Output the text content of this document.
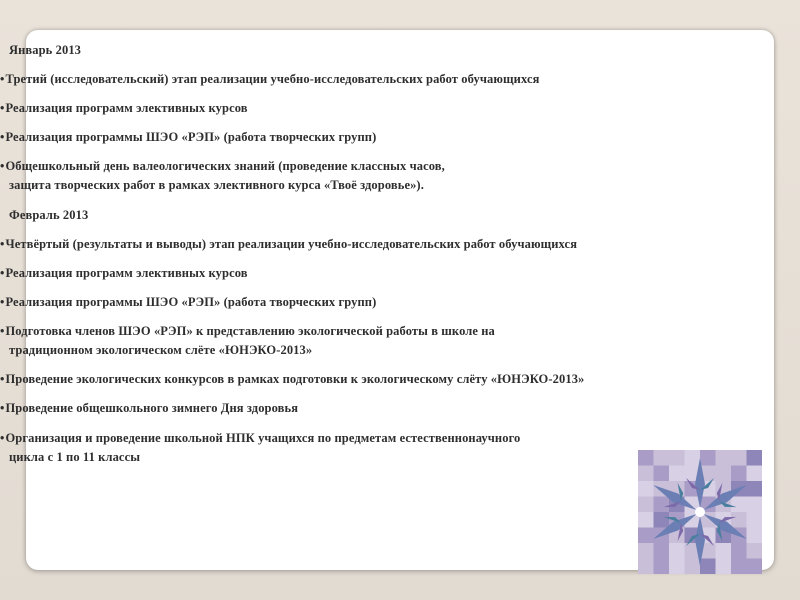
Январь 2013
• Третий (исследовательский) этап реализации учебно-исследовательских работ обучающихся
• Реализация программ элективных курсов
• Реализация программы ШЭО «РЭП» (работа творческих групп)
• Общешкольный день валеологических знаний (проведение классных часов,
защита творческих работ в рамках элективного курса «Твоё здоровье»).
Февраль 2013
• Четвёртый (результаты и выводы) этап реализации учебно-исследовательских работ обучающихся
• Реализация программ элективных курсов
• Реализация программы ШЭО «РЭП» (работа творческих групп)
• Подготовка членов ШЭО «РЭП» к представлению экологической работы в школе на
традиционном экологическом слёте «ЮНЭКО-2013»
• Проведение экологических конкурсов в рамках подготовки к экологическому слёту «ЮНЭКО-2013»
• Проведение общешкольного зимнего Дня здоровья
• Организация и проведение школьной НПК учащихся по предметам естественнонаучного
цикла с 1 по 11 классы
